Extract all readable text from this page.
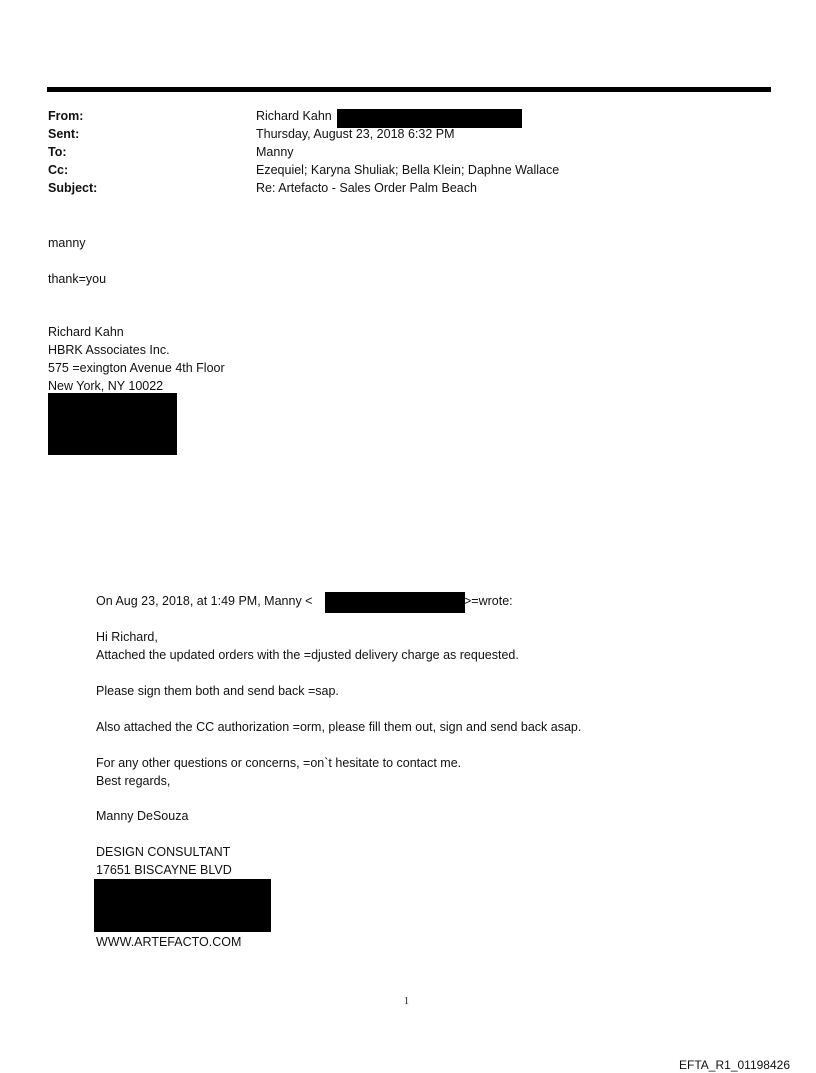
From:	Richard Kahn
Sent:	Thursday, August 23, 2018 6:32 PM
To:	Manny
Cc:	Ezequiel; Karyna Shuliak; Bella Klein; Daphne Wallace
Subject:	Re: Artefacto - Sales Order Palm Beach
manny
thank=you
Richard Kahn
HBRK Associates Inc.
575 =exington Avenue 4th Floor
New York, NY 10022
On Aug 23, 2018, at 1:49 PM, Manny <	>=wrote:
Hi Richard,
Attached the updated orders with the =djusted delivery charge as requested.
Please sign them both and send back =sap.
Also attached the CC authorization =orm, please fill them out, sign and send back asap.
For any other questions or concerns, =on`t hesitate to contact me.
Best regards,
Manny DeSouza
DESIGN CONSULTANT
17651 BISCAYNE BLVD
WWW.ARTEFACTO.COM
1
EFTA_R1_01198426
